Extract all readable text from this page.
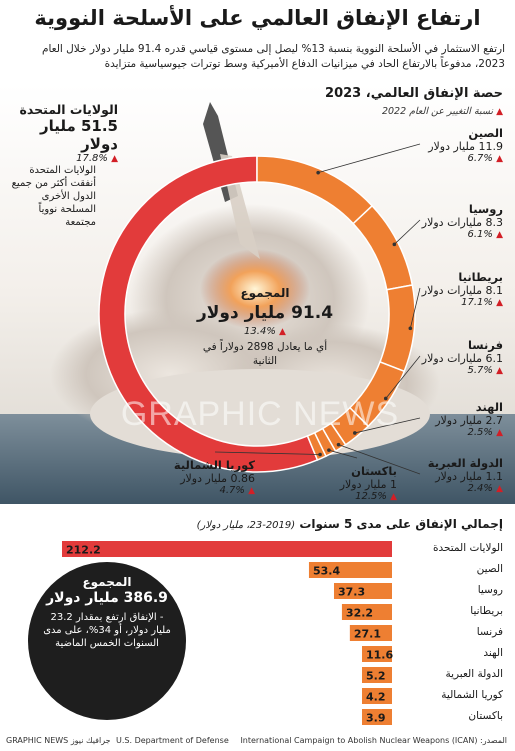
ارتفاع الإنفاق العالمي على الأسلحة النووية
ارتفع الاستثمار في الأسلحة النووية بنسبة 13% ليصل إلى مستوى قياسي قدره 91.4 مليار دولار خلال العام 2023، مدفوعاً بالارتفاع الحاد في ميزانيات الدفاع الأميركية وسط توترات جيوسياسية متزايدة
حصة الإنفاق العالمي، 2023
▲ نسبة التغيير عن العام 2022
الولايات المتحدة
51.5 مليار دولار
▲ 17.8%
الولايات المتحدة أنفقت أكثر من جميع الدول الأخرى المسلحة نووياً مجتمعة
الصين
11.9 مليار دولار
▲ 6.7%
روسيا
8.3 مليارات دولار
▲ 6.1%
بريطانيا
8.1 مليارات دولار
▲ 17.1%
فرنسا
6.1 مليارات دولار
▲ 5.7%
الهند
2.7 مليار دولار
▲ 2.5%
الدولة العبرية
1.1 مليار دولار
▲ 2.4%
باكستان
1 مليار دولار
▲ 12.5%
كوريا الشمالية
0.86 مليار دولار
▲ 4.7%
المجموع
91.4 مليار دولار
▲ 13.4%
أي ما يعادل 2898 دولاراً في الثانية
GRAPHIC NEWS
إجمالي الإنفاق على مدى 5 سنوات (2019-23، مليار دولار)
212.2
53.4
37.3
32.2
27.1
11.6
5.2
4.2
3.9
الولايات المتحدة
الصين
روسيا
بريطانيا
فرنسا
الهند
الدولة العبرية
كوريا الشمالية
باكستان
المجموع
386.9 مليار دولار
- الإنفاق ارتفع بمقدار 23.2 مليار دولار، أو 34%، على مدى السنوات الخمس الماضية
المصدر: International Campaign to Abolish Nuclear Weapons (ICAN)
U.S. Department of Defense
GRAPHIC NEWS جرافيك نيوز
